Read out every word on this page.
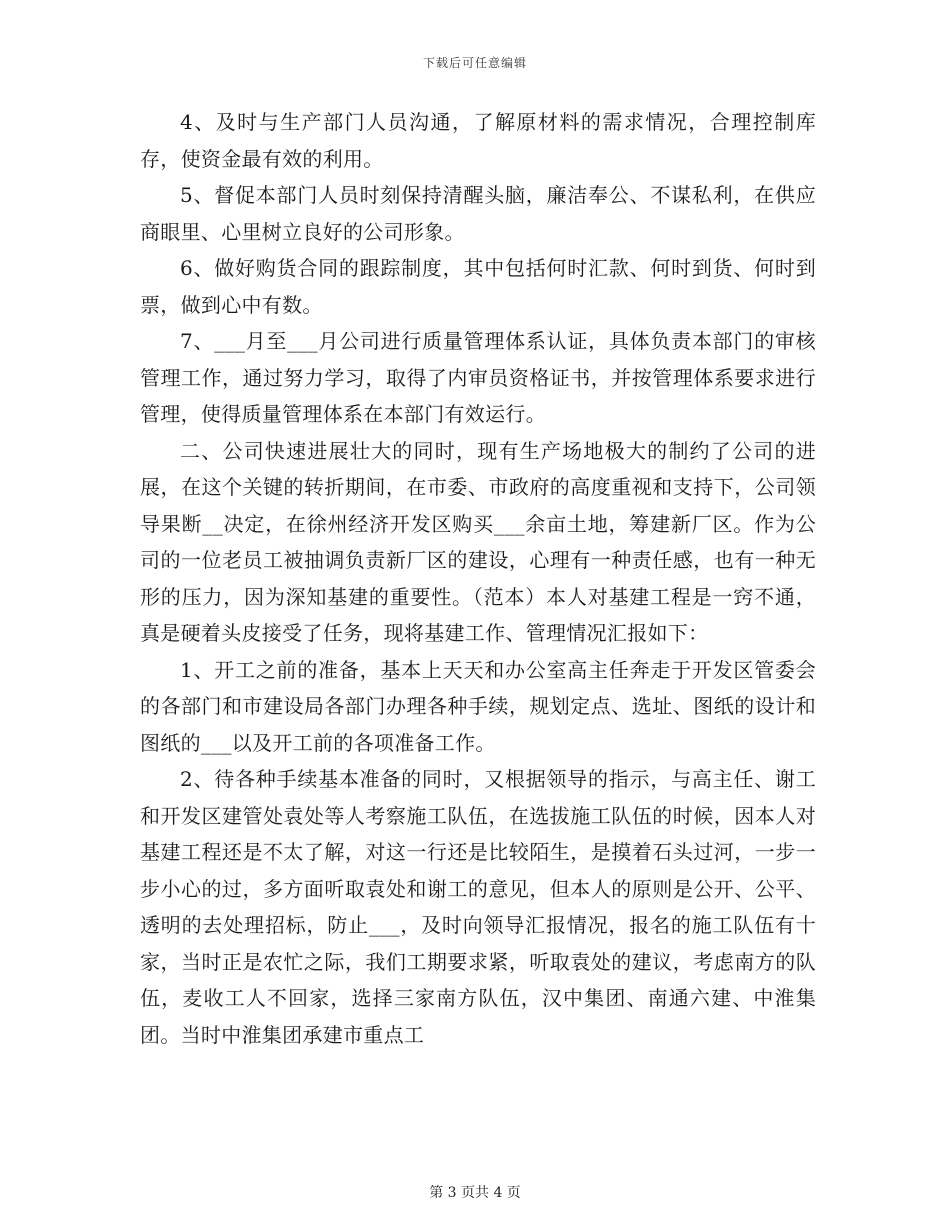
下载后可任意编辑

4、及时与生产部门人员沟通，了解原材料的需求情况，合理控制库存，使资金最有效的利用。

5、督促本部门人员时刻保持清醒头脑，廉洁奉公、不谋私利，在供应商眼里、心里树立良好的公司形象。

6、做好购货合同的跟踪制度，其中包括何时汇款、何时到货、何时到票，做到心中有数。

7、___月至___月公司进行质量管理体系认证，具体负责本部门的审核管理工作，通过努力学习，取得了内审员资格证书，并按管理体系要求进行管理，使得质量管理体系在本部门有效运行。

二、公司快速进展壮大的同时，现有生产场地极大的制约了公司的进展，在这个关键的转折期间，在市委、市政府的高度重视和支持下，公司领导果断__决定，在徐州经济开发区购买___余亩土地，筹建新厂区。作为公司的一位老员工被抽调负责新厂区的建设，心理有一种责任感，也有一种无形的压力，因为深知基建的重要性。（范本）本人对基建工程是一窍不通，真是硬着头皮接受了任务，现将基建工作、管理情况汇报如下：

1、开工之前的准备，基本上天天和办公室高主任奔走于开发区管委会的各部门和市建设局各部门办理各种手续，规划定点、选址、图纸的设计和图纸的___以及开工前的各项准备工作。

2、待各种手续基本准备的同时，又根据领导的指示，与高主任、谢工和开发区建管处袁处等人考察施工队伍，在选拔施工队伍的时候，因本人对基建工程还是不太了解，对这一行还是比较陌生，是摸着石头过河，一步一步小心的过，多方面听取袁处和谢工的意见，但本人的原则是公开、公平、透明的去处理招标，防止___，及时向领导汇报情况，报名的施工队伍有十家，当时正是农忙之际，我们工期要求紧，听取袁处的建议，考虑南方的队伍，麦收工人不回家，选择三家南方队伍，汉中集团、南通六建、中淮集团。当时中淮集团承建市重点工

第 3 页共 4 页
